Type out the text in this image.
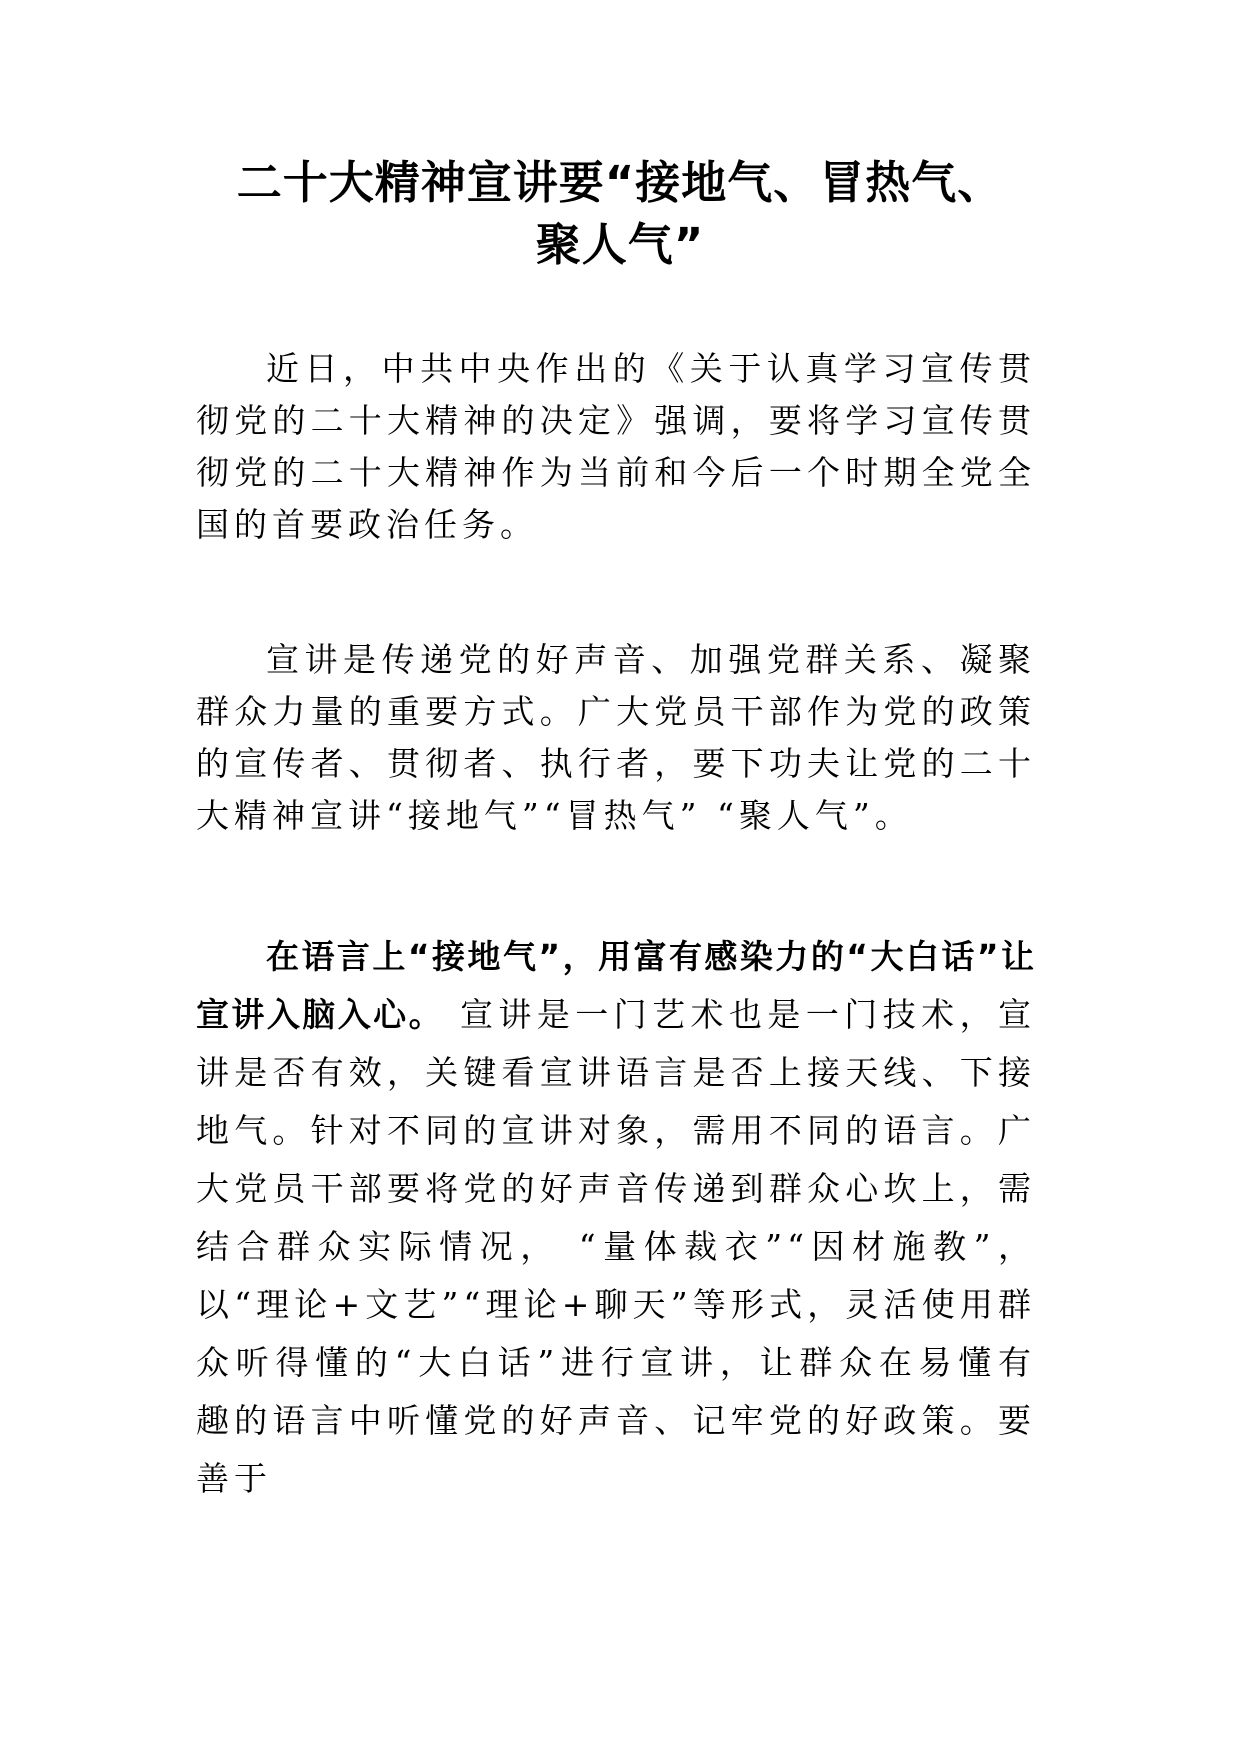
二十大精神宣讲要“接地气、冒热气、
聚人气”

近日，中共中央作出的《关于认真学习宣传贯彻党的二十大精神的决定》强调，要将学习宣传贯彻党的二十大精神作为当前和今后一个时期全党全国的首要政治任务。

宣讲是传递党的好声音、加强党群关系、凝聚群众力量的重要方式。广大党员干部作为党的政策的宣传者、贯彻者、执行者，要下功夫让党的二十大精神宣讲“接地气”“冒热气” “聚人气”。

在语言上“接地气”，用富有感染力的“大白话”让宣讲入脑入心。 宣讲是一门艺术也是一门技术，宣讲是否有效，关键看宣讲语言是否上接天线、下接地气。针对不同的宣讲对象，需用不同的语言。广大党员干部要将党的好声音传递到群众心坎上，需结合群众实际情况， “量体裁衣”“因材施教”，以“理论+文艺”“理论+聊天”等形式，灵活使用群众听得懂的“大白话”进行宣讲，让群众在易懂有趣的语言中听懂党的好声音、记牢党的好政策。要善于
